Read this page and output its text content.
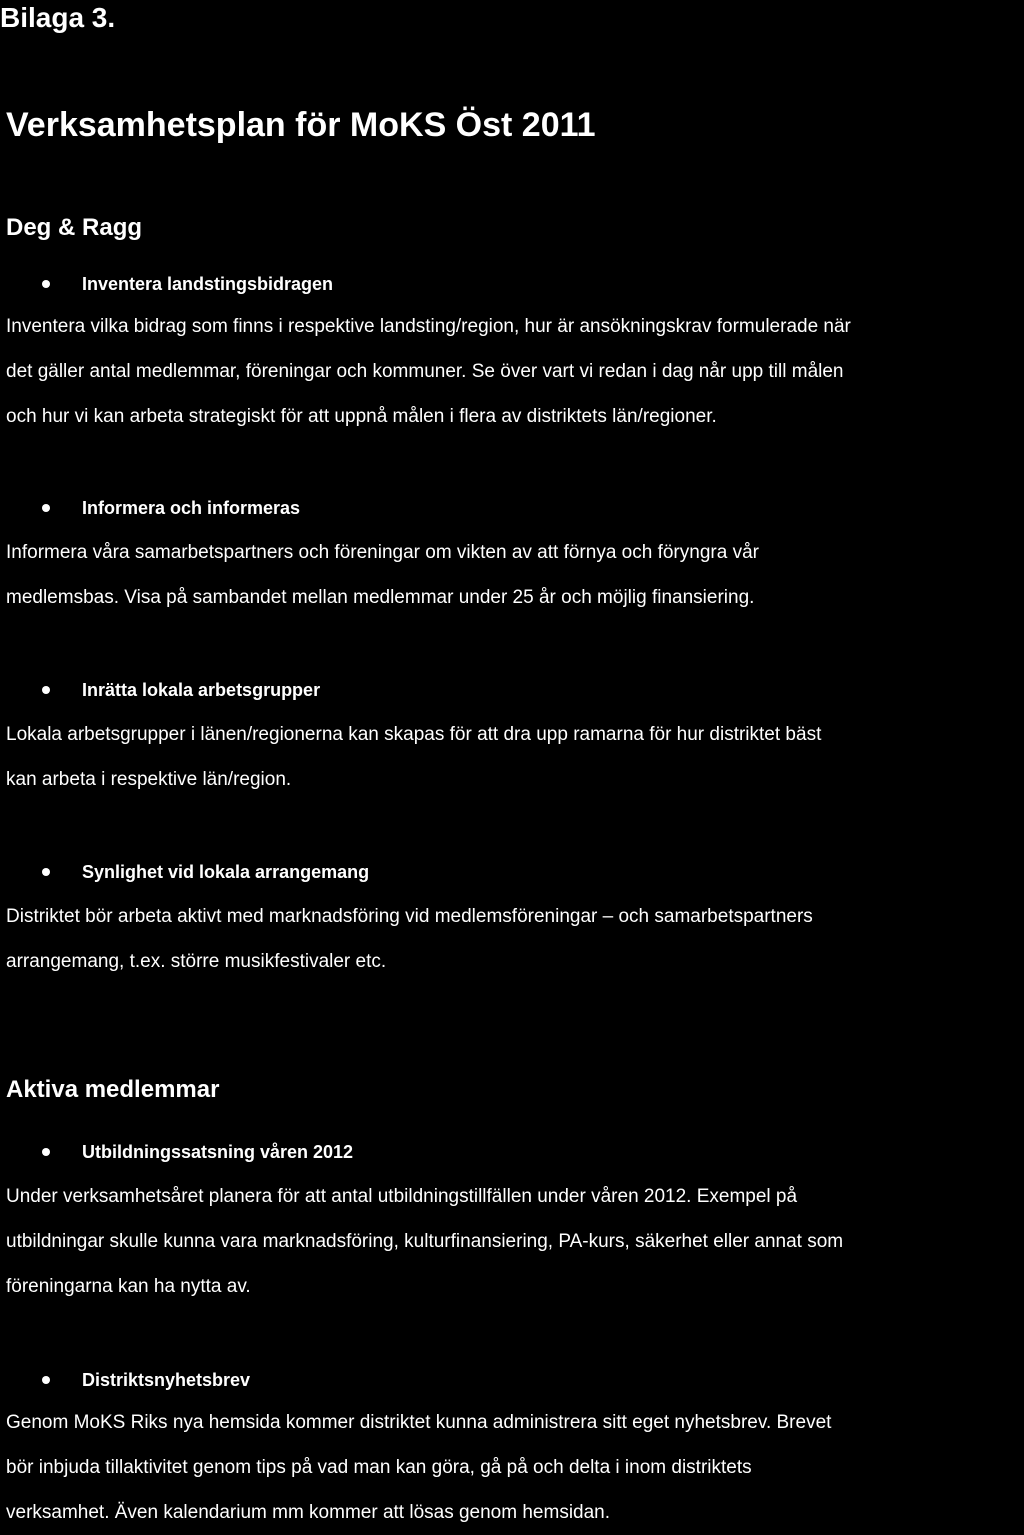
Bilaga 3.
Verksamhetsplan för MoKS Öst 2011
Deg & Ragg
Inventera landstingsbidragen

Inventera vilka bidrag som finns i respektive landsting/region, hur är ansökningskrav formulerade när
det gäller antal medlemmar, föreningar och kommuner. Se över vart vi redan i dag når upp till målen
och hur vi kan arbeta strategiskt för att uppnå målen i flera av distriktets län/regioner.

Informera och informeras

Informera våra samarbetspartners och föreningar om vikten av att förnya och föryngra vår
medlemsbas. Visa på sambandet mellan medlemmar under 25 år och möjlig finansiering.

Inrätta lokala arbetsgrupper

Lokala arbetsgrupper i länen/regionerna kan skapas för att dra upp ramarna för hur distriktet bäst
kan arbeta i respektive län/region.

Synlighet vid lokala arrangemang

Distriktet bör arbeta aktivt med marknadsföring vid medlemsföreningar – och samarbetspartners
arrangemang, t.ex. större musikfestivaler etc.

Aktiva medlemmar
Utbildningssatsning våren 2012

Under verksamhetsåret planera för att antal utbildningstillfällen under våren 2012. Exempel på
utbildningar skulle kunna vara marknadsföring, kulturfinansiering, PA-kurs, säkerhet eller annat som
föreningarna kan ha nytta av.

Distriktsnyhetsbrev

Genom MoKS Riks nya hemsida kommer distriktet kunna administrera sitt eget nyhetsbrev. Brevet
bör inbjuda tillaktivitet genom tips på vad man kan göra, gå på och delta i inom distriktets
verksamhet. Även kalendarium mm kommer att lösas genom hemsidan.
